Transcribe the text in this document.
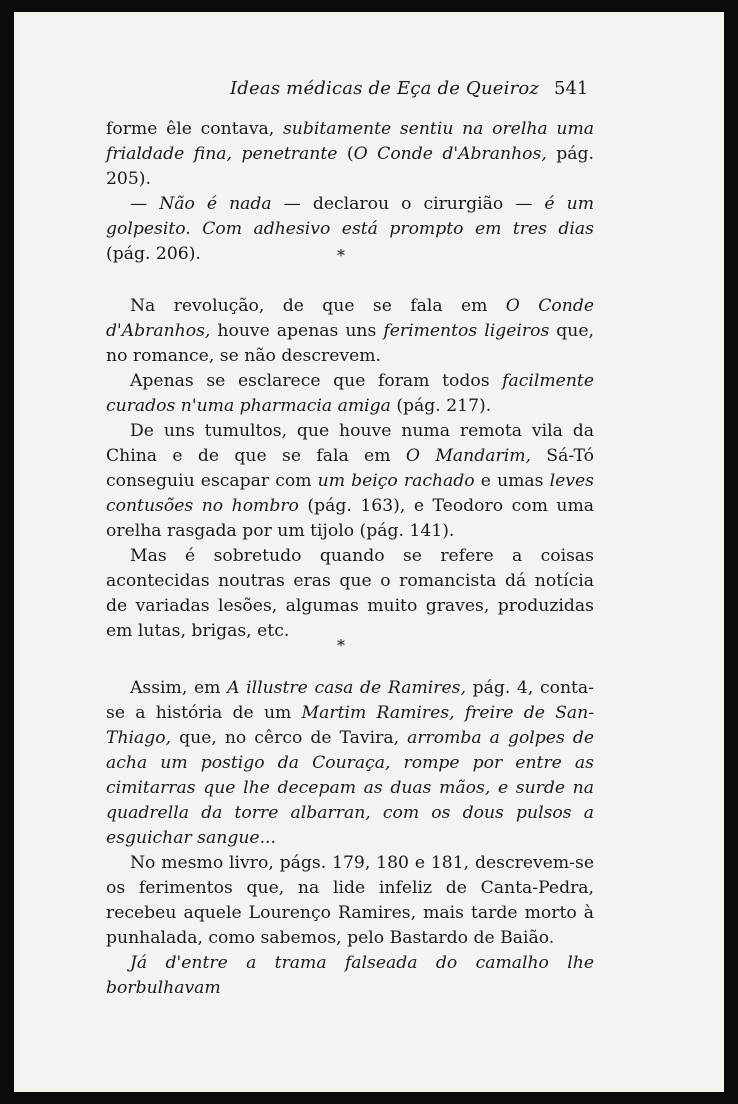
Ideas médicas de Eça de Queiroz 541

forme êle contava, subitamente sentiu na orelha uma frialdade fina, penetrante (O Conde d'Abranhos, pág. 205).

— Não é nada — declarou o cirurgião — é um golpesito. Com adhesivo está prompto em tres dias (pág. 206).	*

Na revolução, de que se fala em O Conde d'Abranhos, houve apenas uns ferimentos ligeiros que, no romance, se não descrevem.

Apenas se esclarece que foram todos facilmente curados n'uma pharmacia amiga (pág. 217).

De uns tumultos, que houve numa remota vila da China e de que se fala em O Mandarim, Sá-Tó conseguiu escapar com um beiço rachado e umas leves contusões no hombro (pág. 163), e Teodoro com uma orelha rasgada por um tijolo (pág. 141).

Mas é sobretudo quando se refere a coisas acontecidas noutras eras que o romancista dá notícia de variadas lesões, algumas muito graves, produzidas em lutas, brigas, etc.

*

Assim, em A illustre casa de Ramires, pág. 4, conta-se a história de um Martim Ramires, freire de San-Thiago, que, no cêrco de Tavira, arromba a golpes de acha um postigo da Couraça, rompe por entre as cimitarras que lhe decepam as duas mãos, e surde na quadrella da torre albarran, com os dous pulsos a esguichar sangue...

No mesmo livro, págs. 179, 180 e 181, descrevem-se os ferimentos que, na lide infeliz de Canta-Pedra, recebeu aquele Lourenço Ramires, mais tarde morto à punhalada, como sabemos, pelo Bastardo de Baião.

Já d'entre a trama falseada do camalho lhe borbulhavam
